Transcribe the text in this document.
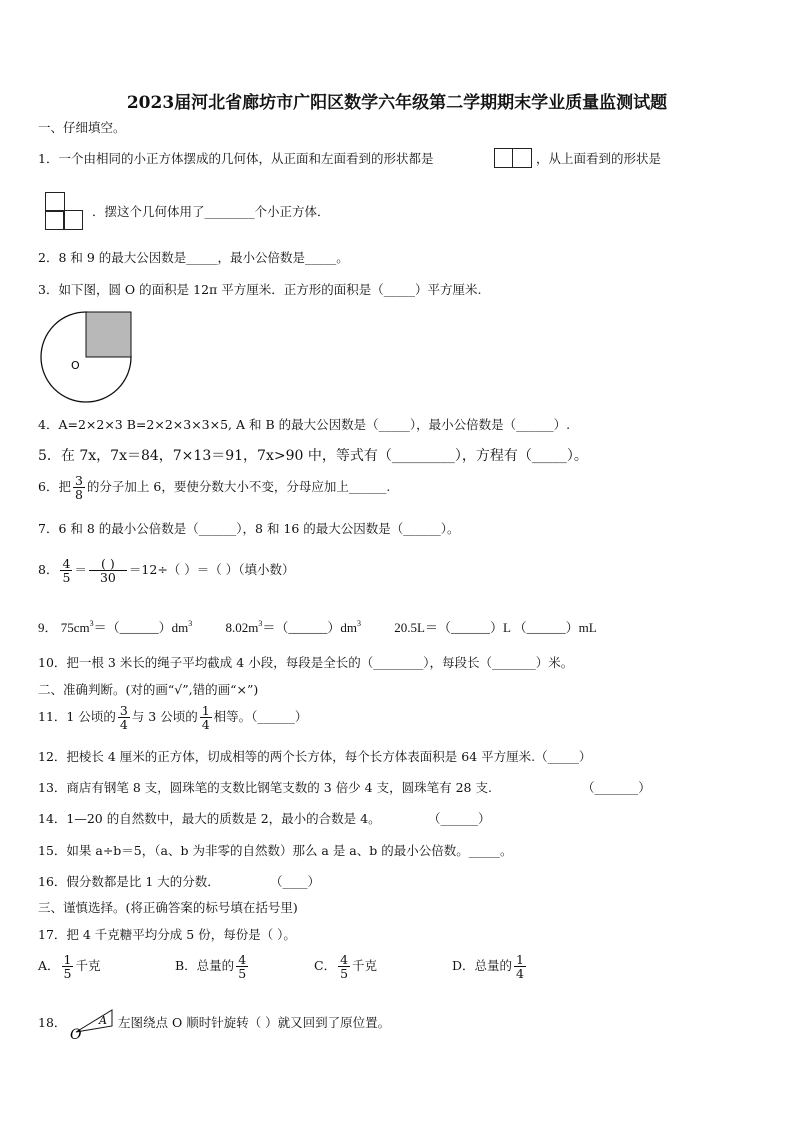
2023届河北省廊坊市广阳区数学六年级第二学期期末学业质量监测试题
一、仔细填空。
1．一个由相同的小正方体摆成的几何体，从正面和左面看到的形状都是	，从上面看到的形状是
．摆这个几何体用了________个小正方体．
2．8 和 9 的最大公因数是_____，最小公倍数是_____。
3．如下图，圆 O 的面积是 12π 平方厘米．正方形的面积是（_____）平方厘米.
O
4．A=2×2×3 B=2×2×3×3×5, A 和 B 的最大公因数是（_____），最小公倍数是（______）.
5．在 7x，7x＝84，7×13＝91，7x>90 中，等式有（_________），方程有（_____）。
6．把 $\frac{3}{8}$ 的分子加上 6，要使分数大小不变，分母应加上______.
7．6 和 8 的最小公倍数是（______），8 和 16 的最大公因数是（______）。
8． $\frac{4}{5} = \frac{( )}{30} =12\div$（ ）＝（ ）（填小数）
9． $75cm^3=(\_\_\_\_\_\_)dm^3$	$8.02m^3=(\_\_\_\_\_\_)dm^3$	20.5L＝（______）L （______）mL
10．把一根 3 米长的绳子平均截成 4 小段，每段是全长的（________），每段长（_______）米。
二、准确判断。(对的画“√”,错的画“×”)
11．1 公顷的 $\frac{3}{4}$ 与 3 公顷的 $\frac{1}{4}$ 相等。（______）
12．把棱长 4 厘米的正方体，切成相等的两个长方体，每个长方体表面积是 64 平方厘米.（_____）
13．商店有钢笔 8 支，圆珠笔的支数比钢笔支数的 3 倍少 4 支，圆珠笔有 28 支.	（_______）
14．1—20 的自然数中，最大的质数是 2，最小的合数是 4。	（______）
15．如果 a÷b＝5，（a、b 为非零的自然数）那么 a 是 a、b 的最小公倍数。_____。
16．假分数都是比 1 大的分数．	（____）
三、谨慎选择。(将正确答案的标号填在括号里)
17．把 4 千克糖平均分成 5 份，每份是（ ）。
A． $\frac{1}{5}$ 千克	B．总量的 $\frac{4}{5}$	C． $\frac{4}{5}$ 千克	D．总量的 $\frac{1}{4}$
18．
O
A 左图绕点 O 顺时针旋转（ ）就又回到了原位置。
